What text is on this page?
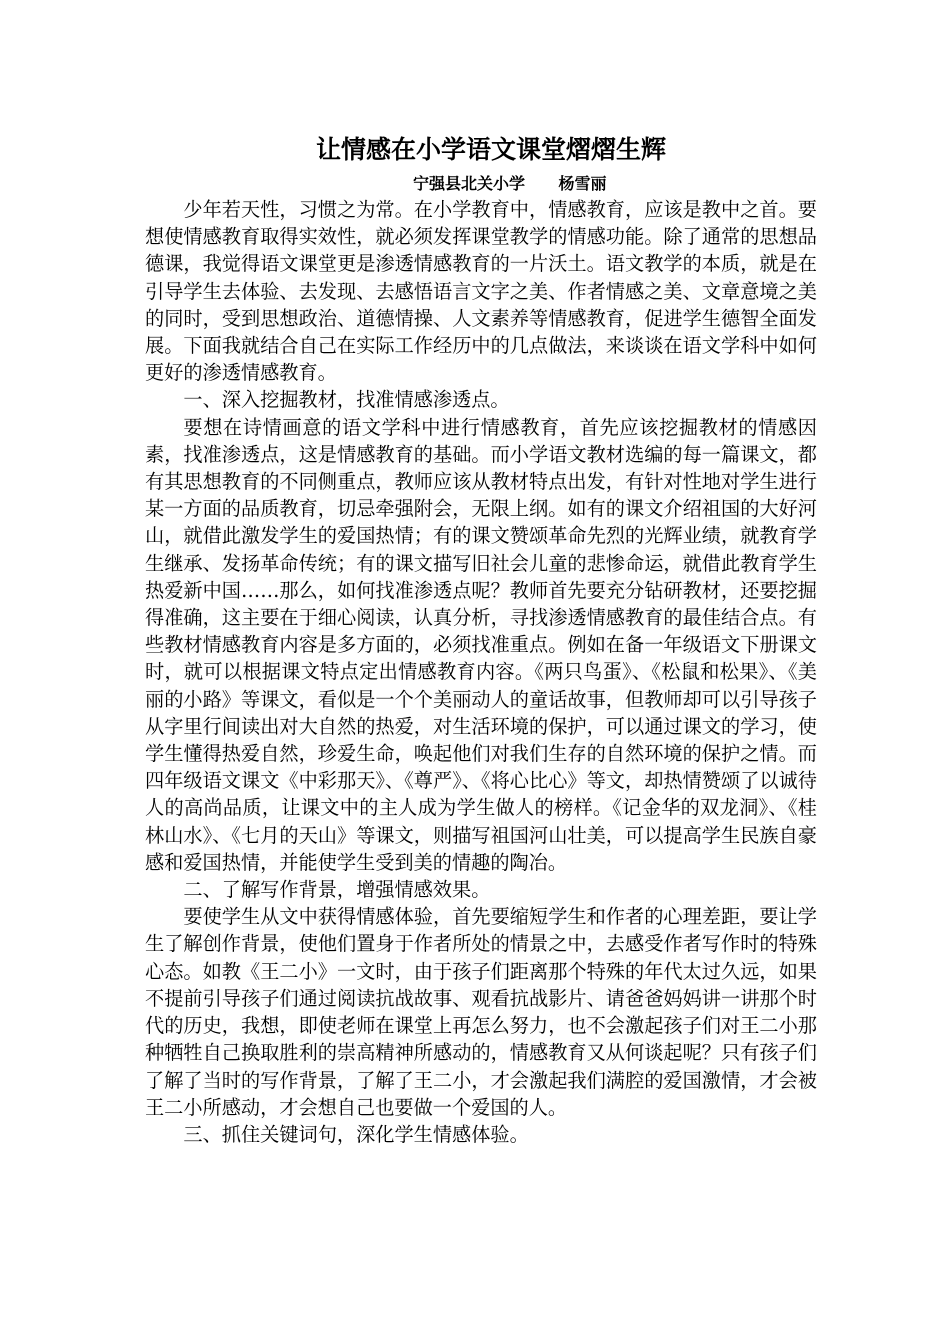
让情感在小学语文课堂熠熠生辉
宁强县北关小学 杨雪丽

少年若天性，习惯之为常。在小学教育中，情感教育，应该是教中之首。要想使情感教育取得实效性，就必须发挥课堂教学的情感功能。除了通常的思想品德课，我觉得语文课堂更是渗透情感教育的一片沃土。语文教学的本质，就是在引导学生去体验、去发现、去感悟语言文字之美、作者情感之美、文章意境之美的同时，受到思想政治、道德情操、人文素养等情感教育，促进学生德智全面发展。下面我就结合自己在实际工作经历中的几点做法，来谈谈在语文学科中如何更好的渗透情感教育。

一、深入挖掘教材，找准情感渗透点。

要想在诗情画意的语文学科中进行情感教育，首先应该挖掘教材的情感因素，找准渗透点，这是情感教育的基础。而小学语文教材选编的每一篇课文，都有其思想教育的不同侧重点，教师应该从教材特点出发，有针对性地对学生进行某一方面的品质教育，切忌牵强附会，无限上纲。如有的课文介绍祖国的大好河山，就借此激发学生的爱国热情；有的课文赞颂革命先烈的光辉业绩，就教育学生继承、发扬革命传统；有的课文描写旧社会儿童的悲惨命运，就借此教育学生热爱新中国……那么，如何找准渗透点呢？教师首先要充分钻研教材，还要挖掘得准确，这主要在于细心阅读，认真分析，寻找渗透情感教育的最佳结合点。有些教材情感教育内容是多方面的，必须找准重点。例如在备一年级语文下册课文时，就可以根据课文特点定出情感教育内容。《两只鸟蛋》、《松鼠和松果》、《美丽的小路》等课文，看似是一个个美丽动人的童话故事，但教师却可以引导孩子从字里行间读出对大自然的热爱，对生活环境的保护，可以通过课文的学习，使学生懂得热爱自然，珍爱生命，唤起他们对我们生存的自然环境的保护之情。而四年级语文课文《中彩那天》、《尊严》、《将心比心》等文，却热情赞颂了以诚待人的高尚品质，让课文中的主人成为学生做人的榜样。《记金华的双龙洞》、《桂林山水》、《七月的天山》等课文，则描写祖国河山壮美，可以提高学生民族自豪感和爱国热情，并能使学生受到美的情趣的陶冶。

二、了解写作背景，增强情感效果。

要使学生从文中获得情感体验，首先要缩短学生和作者的心理差距，要让学生了解创作背景，使他们置身于作者所处的情景之中，去感受作者写作时的特殊心态。如教《王二小》一文时，由于孩子们距离那个特殊的年代太过久远，如果不提前引导孩子们通过阅读抗战故事、观看抗战影片、请爸爸妈妈讲一讲那个时代的历史，我想，即使老师在课堂上再怎么努力，也不会激起孩子们对王二小那种牺牲自己换取胜利的崇高精神所感动的，情感教育又从何谈起呢？只有孩子们了解了当时的写作背景，了解了王二小，才会激起我们满腔的爱国激情，才会被王二小所感动，才会想自己也要做一个爱国的人。

三、抓住关键词句，深化学生情感体验。
